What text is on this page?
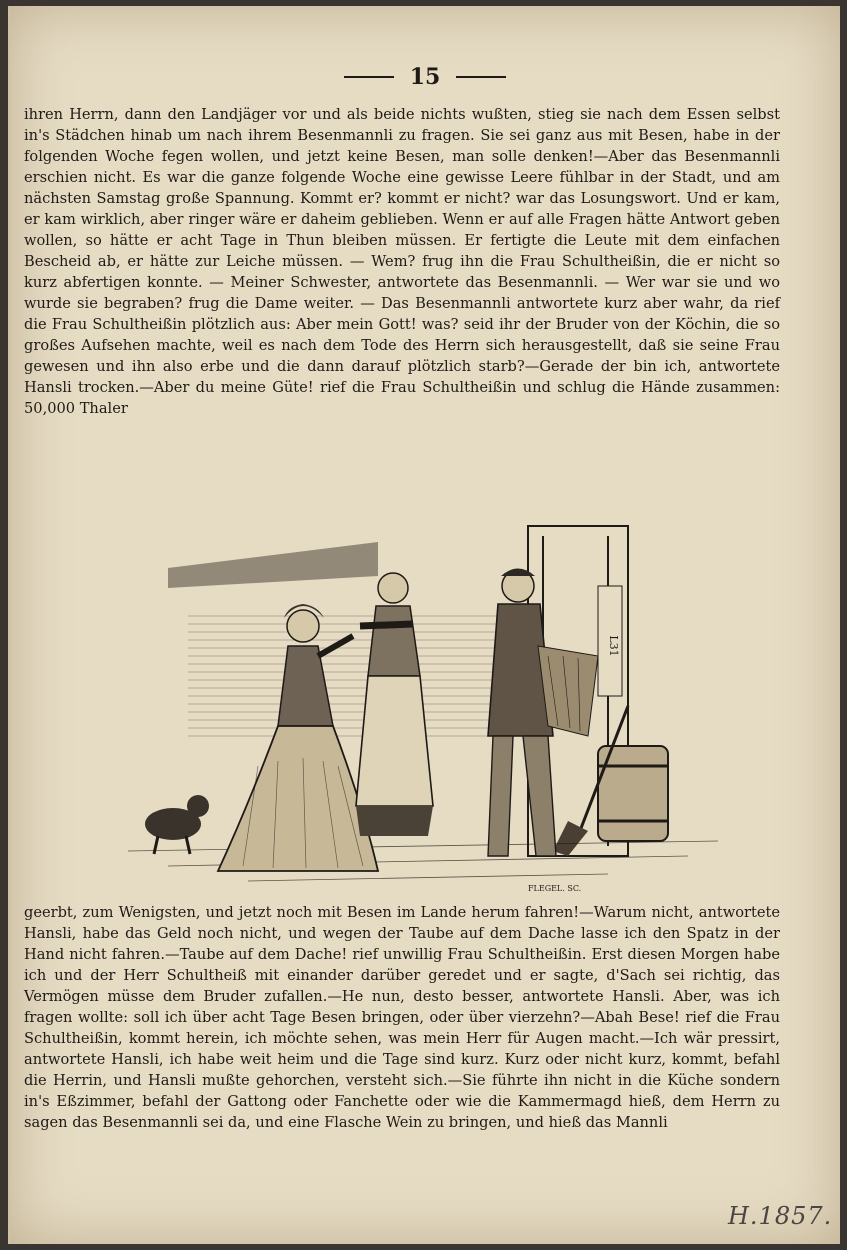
15

ihren Herrn, dann den Landjäger vor und als beide nichts wußten, stieg sie nach dem Essen selbst in's Städchen hinab um nach ihrem Besenmannli zu fragen. Sie sei ganz aus mit Besen, habe in der folgenden Woche fegen wollen, und jetzt keine Besen, man solle denken!—Aber das Besenmannli erschien nicht. Es war die ganze folgende Woche eine gewisse Leere fühlbar in der Stadt, und am nächsten Samstag große Spannung. Kommt er? kommt er nicht? war das Losungswort. Und er kam, er kam wirklich, aber ringer wäre er daheim geblieben. Wenn er auf alle Fragen hätte Antwort geben wollen, so hätte er acht Tage in Thun bleiben müssen. Er fertigte die Leute mit dem einfachen Bescheid ab, er hätte zur Leiche müssen. — Wem? frug ihn die Frau Schultheißin, die er nicht so kurz abfertigen konnte. — Meiner Schwester, antwortete das Besenmannli. — Wer war sie und wo wurde sie begraben? frug die Dame weiter. — Das Besenmannli antwortete kurz aber wahr, da rief die Frau Schultheißin plötzlich aus: Aber mein Gott! was? seid ihr der Bruder von der Köchin, die so großes Aufsehen machte, weil es nach dem Tode des Herrn sich herausgestellt, daß sie seine Frau gewesen und ihn also erbe und die dann darauf plötzlich starb?—Gerade der bin ich, antwortete Hansli trocken.—Aber du meine Güte! rief die Frau Schultheißin und schlug die Hände zusammen: 50,000 Thaler

L31
FLEGEL. SC.

geerbt, zum Wenigsten, und jetzt noch mit Besen im Lande herum fahren!—Warum nicht, antwortete Hansli, habe das Geld noch nicht, und wegen der Taube auf dem Dache lasse ich den Spatz in der Hand nicht fahren.—Taube auf dem Dache! rief unwillig Frau Schultheißin. Erst diesen Morgen habe ich und der Herr Schultheiß mit einander darüber geredet und er sagte, d'Sach sei richtig, das Vermögen müsse dem Bruder zufallen.—He nun, desto besser, antwortete Hansli. Aber, was ich fragen wollte: soll ich über acht Tage Besen bringen, oder über vierzehn?—Abah Bese! rief die Frau Schultheißin, kommt herein, ich möchte sehen, was mein Herr für Augen macht.—Ich wär pressirt, antwortete Hansli, ich habe weit heim und die Tage sind kurz. Kurz oder nicht kurz, kommt, befahl die Herrin, und Hansli mußte gehorchen, versteht sich.—Sie führte ihn nicht in die Küche sondern in's Eßzimmer, befahl der Gattong oder Fanchette oder wie die Kammermagd hieß, dem Herrn zu sagen das Besenmannli sei da, und eine Flasche Wein zu bringen, und hieß das Mannli

H.1857.
